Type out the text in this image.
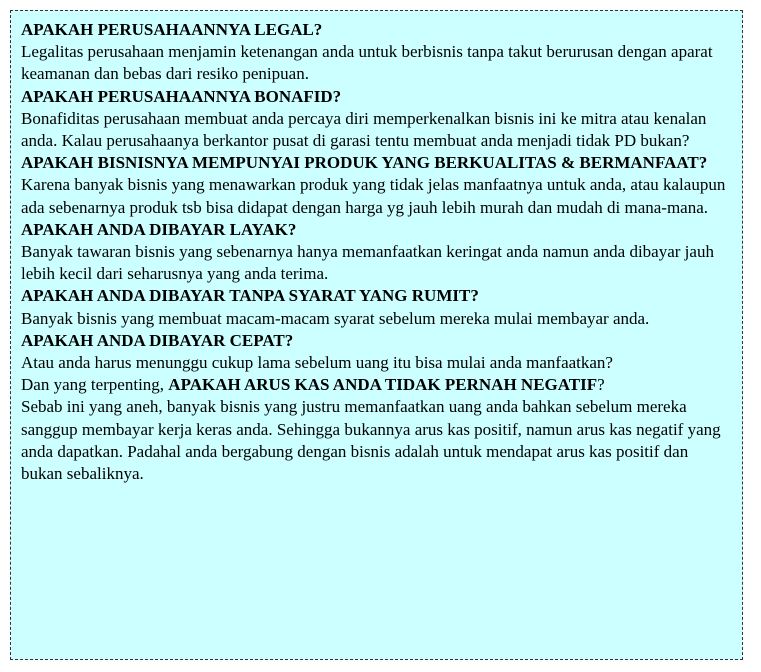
APAKAH PERUSAHAANNYA LEGAL?

Legalitas perusahaan menjamin ketenangan anda untuk berbisnis tanpa takut berurusan dengan aparat keamanan dan bebas dari resiko penipuan.

APAKAH PERUSAHAANNYA BONAFID?

Bonafiditas perusahaan membuat anda percaya diri memperkenalkan bisnis ini ke mitra atau kenalan anda. Kalau perusahaanya berkantor pusat di garasi tentu membuat anda menjadi tidak PD bukan?

APAKAH BISNISNYA MEMPUNYAI PRODUK YANG BERKUALITAS & BERMANFAAT?

Karena banyak bisnis yang menawarkan produk yang tidak jelas manfaatnya untuk anda, atau kalaupun ada sebenarnya produk tsb bisa didapat dengan harga yg jauh lebih murah dan mudah di mana-mana.

APAKAH ANDA DIBAYAR LAYAK?

Banyak tawaran bisnis yang sebenarnya hanya memanfaatkan keringat anda namun anda dibayar jauh lebih kecil dari seharusnya yang anda terima.

APAKAH ANDA DIBAYAR TANPA SYARAT YANG RUMIT?

Banyak bisnis yang membuat macam-macam syarat sebelum mereka mulai membayar anda.

APAKAH ANDA DIBAYAR CEPAT?

Atau anda harus menunggu cukup lama sebelum uang itu bisa mulai anda manfaatkan?

Dan yang terpenting, APAKAH ARUS KAS ANDA TIDAK PERNAH NEGATIF?

Sebab ini yang aneh, banyak bisnis yang justru memanfaatkan uang anda bahkan sebelum mereka sanggup membayar kerja keras anda. Sehingga bukannya arus kas positif, namun arus kas negatif yang anda dapatkan. Padahal anda bergabung dengan bisnis adalah untuk mendapat arus kas positif dan bukan sebaliknya.
